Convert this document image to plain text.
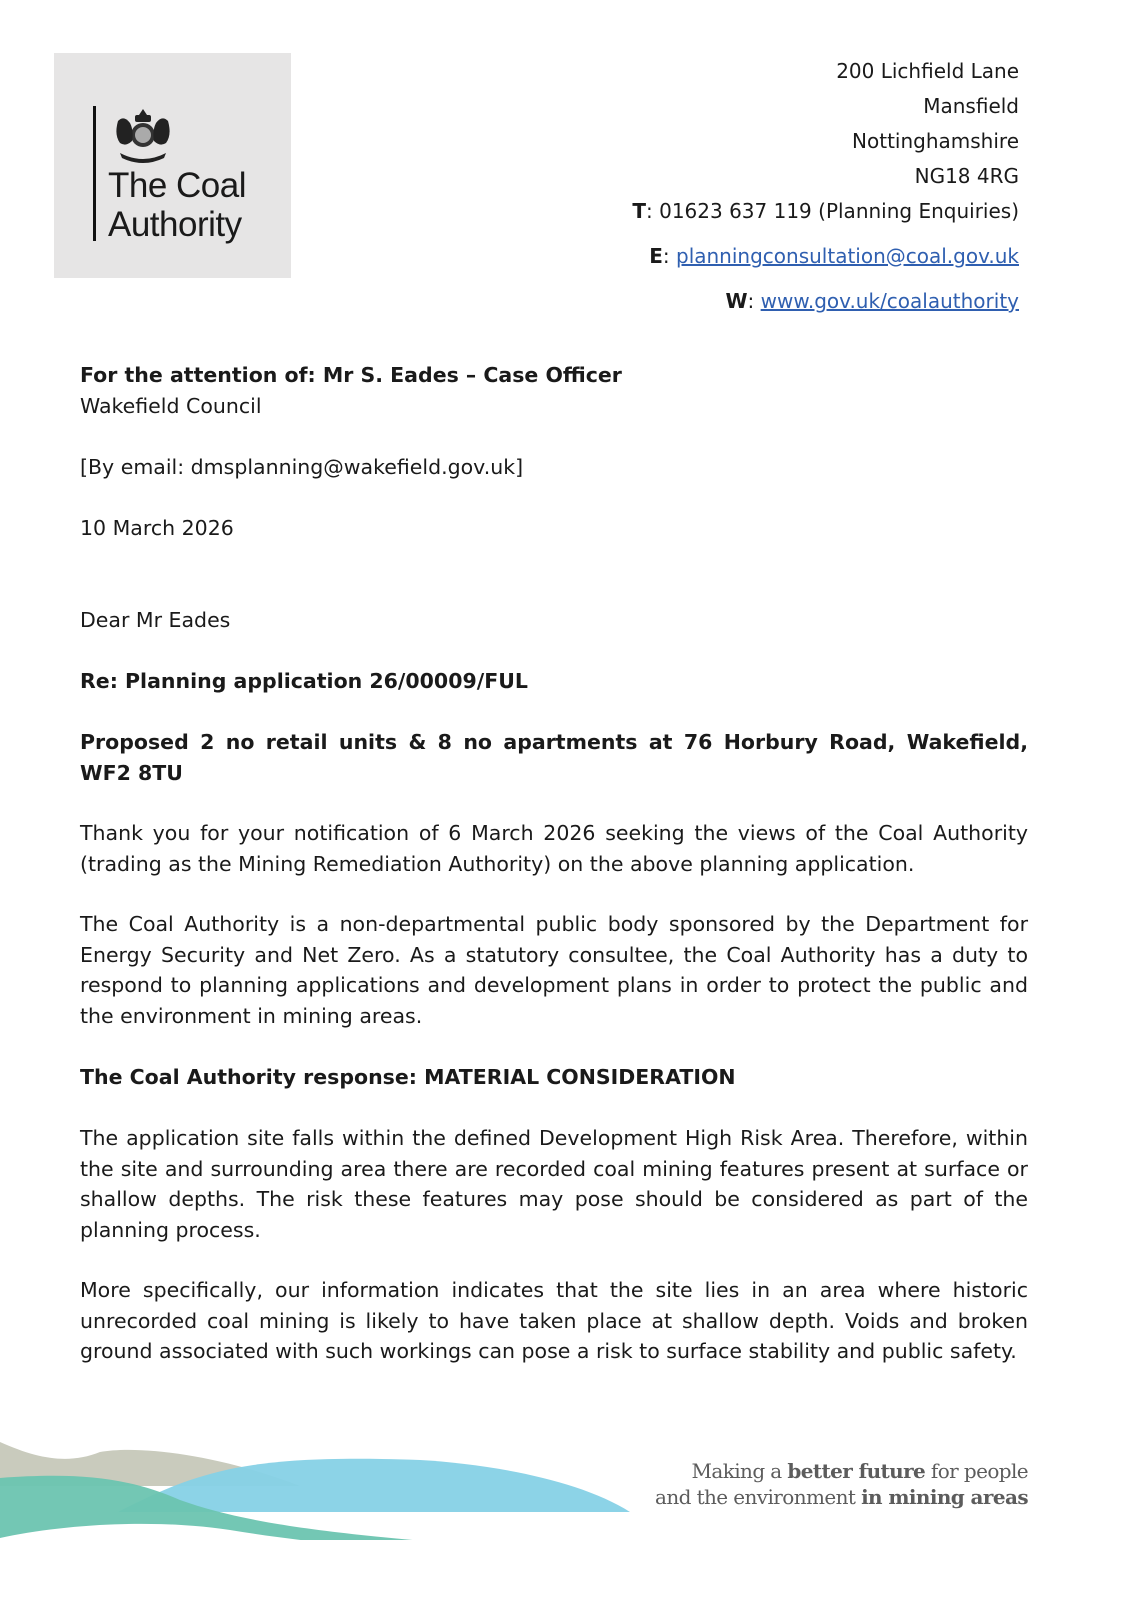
The Coal
Authority
200 Lichfield Lane
Mansfield
Nottinghamshire
NG18 4RG
T: 01623 637 119 (Planning Enquiries)
E: planningconsultation@coal.gov.uk
W: www.gov.uk/coalauthority

For the attention of: Mr S. Eades – Case Officer

Wakefield Council

[By email: dmsplanning@wakefield.gov.uk]

10 March 2026

Dear Mr Eades

Re: Planning application 26/00009/FUL

Proposed 2 no retail units & 8 no apartments at 76 Horbury Road, Wakefield, WF2 8TU

Thank you for your notification of 6 March 2026 seeking the views of the Coal Authority (trading as the Mining Remediation Authority) on the above planning application.

The Coal Authority is a non-departmental public body sponsored by the Department for Energy Security and Net Zero. As a statutory consultee, the Coal Authority has a duty to respond to planning applications and development plans in order to protect the public and the environment in mining areas.

The Coal Authority response: MATERIAL CONSIDERATION

The application site falls within the defined Development High Risk Area. Therefore, within the site and surrounding area there are recorded coal mining features present at surface or shallow depths. The risk these features may pose should be considered as part of the planning process.

More specifically, our information indicates that the site lies in an area where historic unrecorded coal mining is likely to have taken place at shallow depth. Voids and broken ground associated with such workings can pose a risk to surface stability and public safety.

Making a better future for people
and the environment in mining areas
